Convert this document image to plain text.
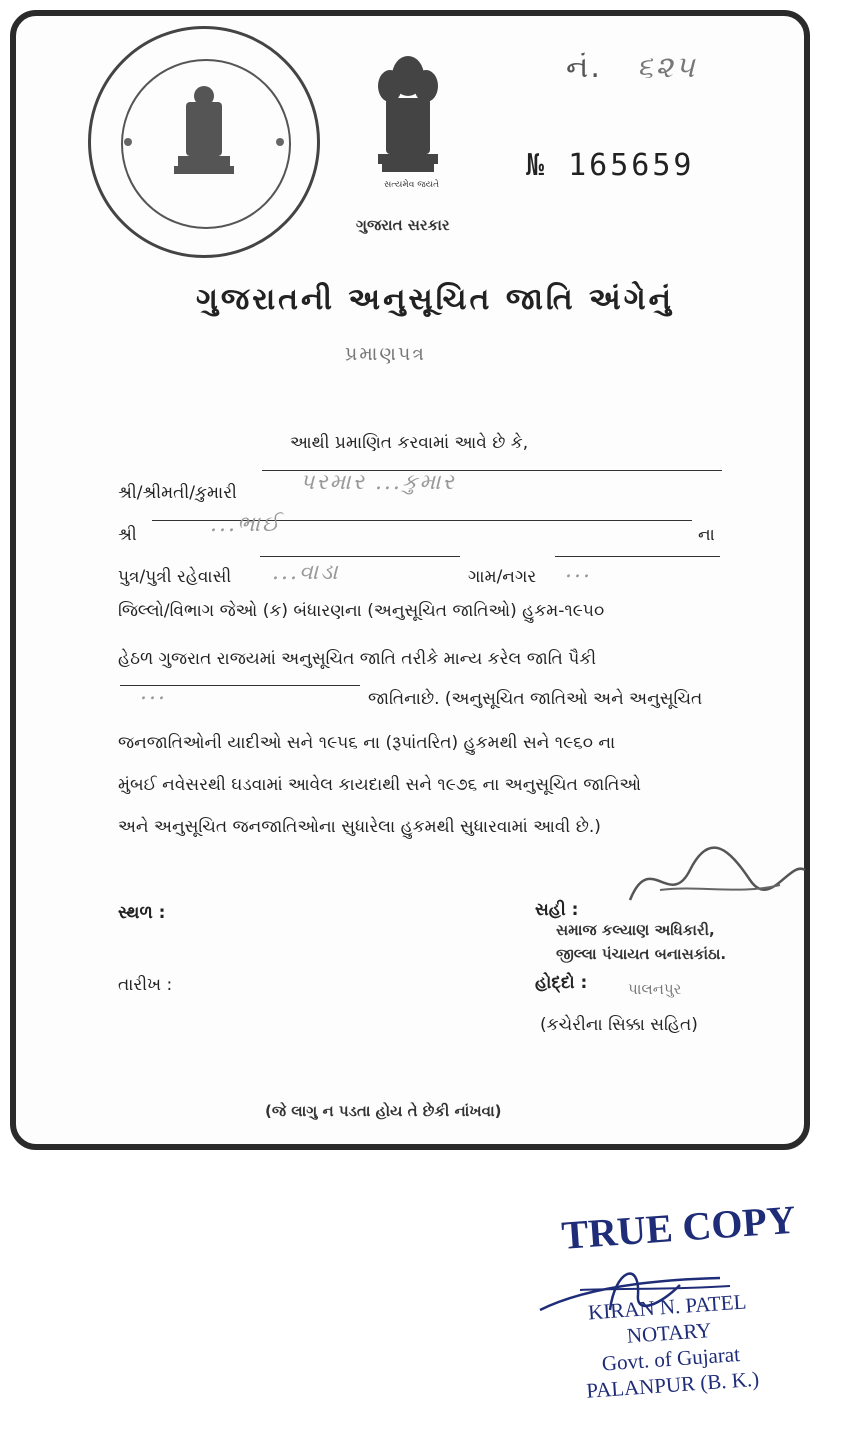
સત્યમેવ જયતે
ગુજરાત સરકાર
નં. ૬૨૫
№ 165659
ગુજરાતની અનુસૂચિત જાતિ અંગેનું
પ્રમાણપત્ર
આથી પ્રમાણિત કરવામાં આવે છે કે,
શ્રી/શ્રીમતી/કુમારી	પરમાર ...કુમાર
શ્રી	...ભાઈ	ના
પુત્ર/પુત્રી રહેવાસી ...વાડા	ગામ/નગર ...
જિલ્લો/વિભાગ જેઓ (ક) બંધારણના (અનુસૂચિત જાતિઓ) હુકમ-૧૯૫૦
હેઠળ ગુજરાત રાજયમાં અનુસૂચિત જાતિ તરીકે માન્ય કરેલ જાતિ પૈકી
...	જાતિનાછે. (અનુસૂચિત જાતિઓ અને અનુસૂચિત
જનજાતિઓની યાદીઓ સને ૧૯૫૬ ના (રૂપાંતરિત) હુકમથી સને ૧૯૬૦ ના
મુંબઈ નવેસરથી ઘડવામાં આવેલ કાયદાથી સને ૧૯૭૬ ના અનુસૂચિત જાતિઓ
અને અનુસૂચિત જનજાતિઓના સુધારેલા હુકમથી સુધારવામાં આવી છે.)
સ્થળ :
તારીખ :
સહી :
સમાજ કલ્યાણ અધિકારી,
જીલ્લા પંચાયત બનાસકાંઠા.
હોદ્દો :	પાલનપુર
(કચેરીના સિક્કા સહિત)
(જે લાગુ ન પડતા હોય તે છેકી નાંખવા)
TRUE COPY
KIRAN N. PATEL
NOTARY
Govt. of Gujarat
PALANPUR (B. K.)
